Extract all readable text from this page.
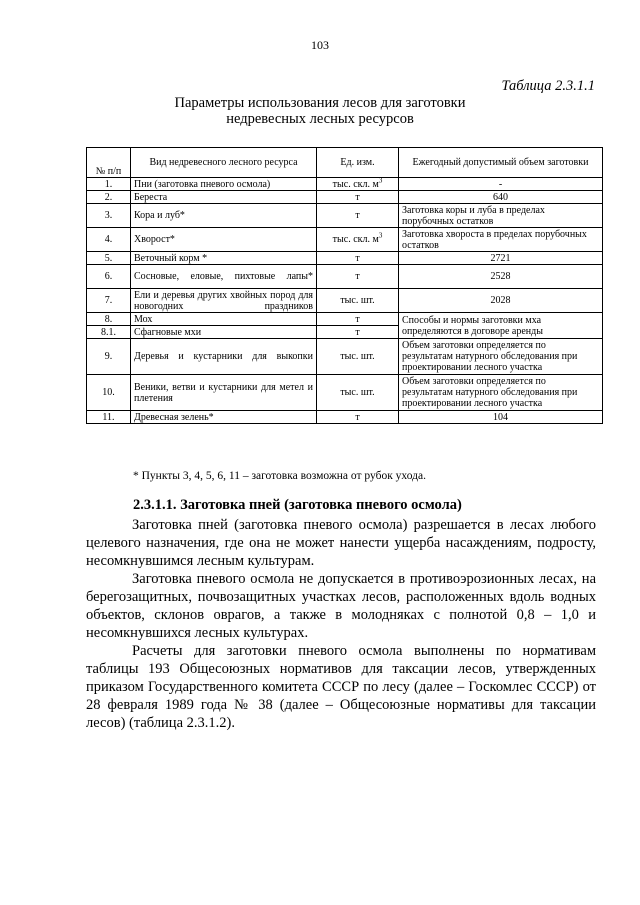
103
Таблица 2.3.1.1
Параметры использования лесов для заготовки
недревесных лесных ресурсов
№ п/п	Вид недревесного лесного ресурса	Ед. изм.	Ежегодный допустимый объем заготовки
1.	Пни (заготовка пневого осмола)	тыс. скл. $м^3$	-
2.	Береста	т	640
3.	Кора и луб*	т	Заготовка коры и луба в пределах порубочных остатков
4.	Хворост*	тыс. скл. $м^3$	Заготовка хвороста в пределах порубочных остатков
5.	Веточный корм *	т	2721
6.	Сосновые, еловые, пихтовые лапы*	т	2528
7.	Ели и деревья других хвойных пород для новогодних праздников	тыс. шт.	2028
8.	Мох	т	Способы и нормы заготовки мха определяются в договоре аренды
8.1.	Сфагновые мхи	т	
9.	Деревья и кустарники для выкопки	тыс. шт.	Объем заготовки определяется по результатам натурного обследования при проектировании лесного участка
10.	Веники, ветви и кустарники для метел и плетения	тыс. шт.	Объем заготовки определяется по результатам натурного обследования при проектировании лесного участка
11.	Древесная зелень*	т	104
* Пункты 3, 4, 5, 6, 11 – заготовка возможна от рубок ухода.
2.3.1.1. Заготовка пней (заготовка пневого осмола)

Заготовка пней (заготовка пневого осмола) разрешается в лесах любого целевого назначения, где она не может нанести ущерба насаждениям, подросту, несомкнувшимся лесным культурам.

Заготовка пневого осмола не допускается в противоэрозионных лесах, на берегозащитных, почвозащитных участках лесов, расположенных вдоль водных объектов, склонов оврагов, а также в молодняках с полнотой 0,8 – 1,0 и несомкнувшихся лесных культурах.

Расчеты для заготовки пневого осмола выполнены по нормативам таблицы 193 Общесоюзных нормативов для таксации лесов, утвержденных приказом Государственного комитета СССР по лесу (далее – Госкомлес СССР) от 28 февраля 1989 года № 38 (далее – Общесоюзные нормативы для таксации лесов) (таблица 2.3.1.2).
